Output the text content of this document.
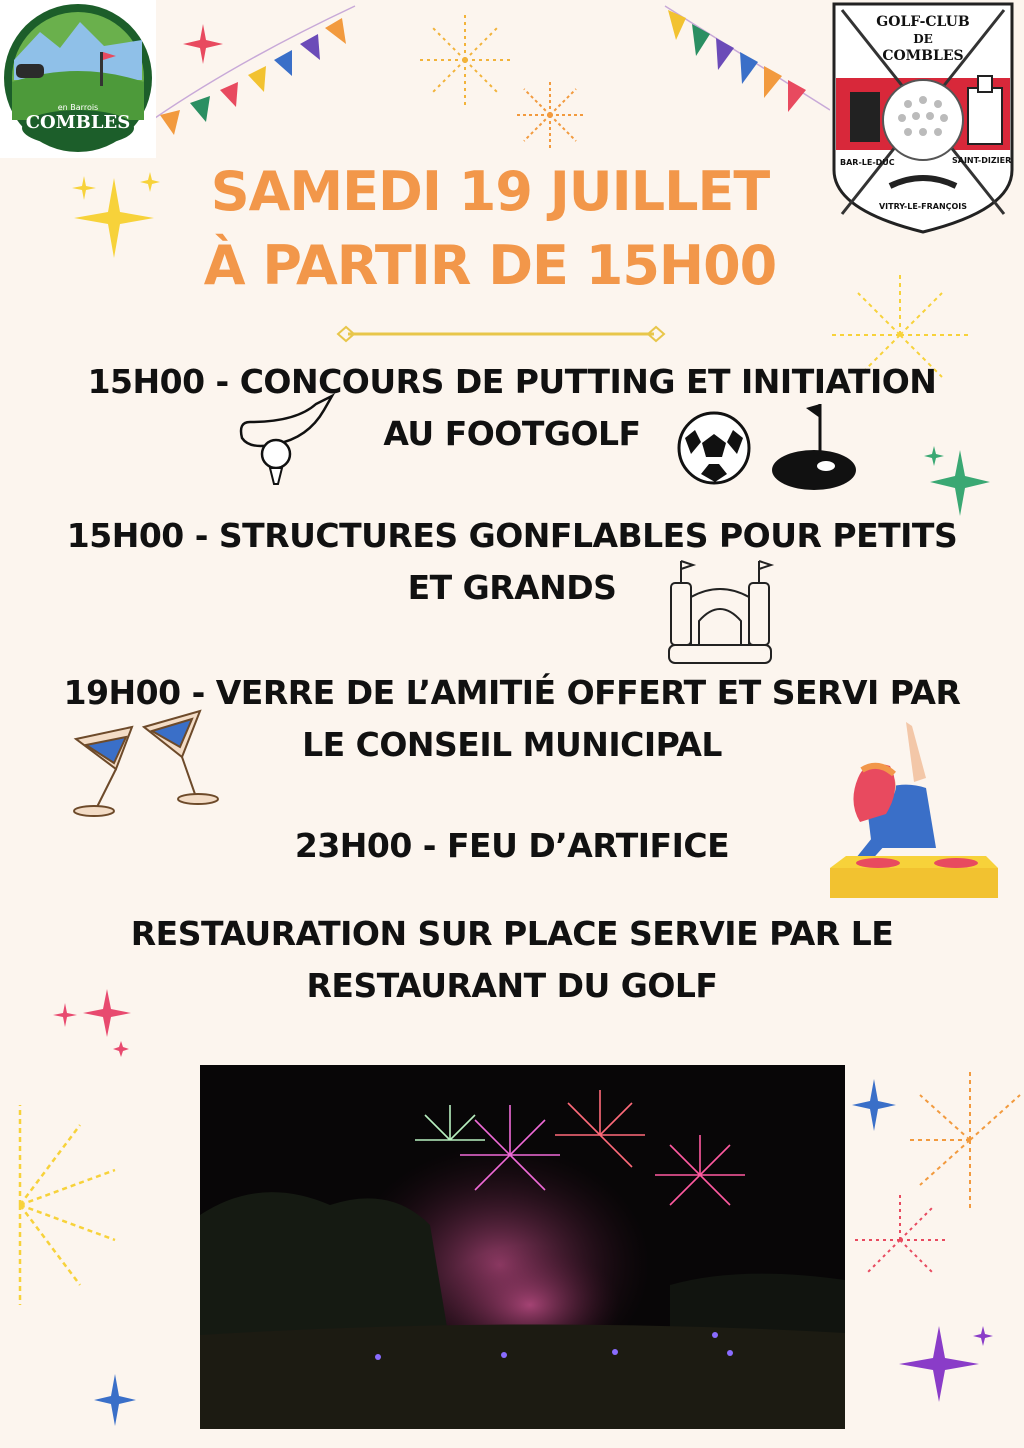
COMBLES
en Barrois
GOLF-CLUB
DE
COMBLES
BAR-LE-DUC	SAINT-DIZIER
VITRY-LE-FRANÇOIS
SAMEDI 19 JUILLET
À PARTIR DE 15H00
15H00 - CONCOURS DE PUTTING ET INITIATION
AU FOOTGOLF
15H00 - STRUCTURES GONFLABLES POUR PETITS
ET GRANDS
19H00 - VERRE DE L’AMITIÉ OFFERT ET SERVI PAR
LE CONSEIL MUNICIPAL
23H00 - FEU D’ARTIFICE
RESTAURATION SUR PLACE SERVIE PAR LE
RESTAURANT DU GOLF
